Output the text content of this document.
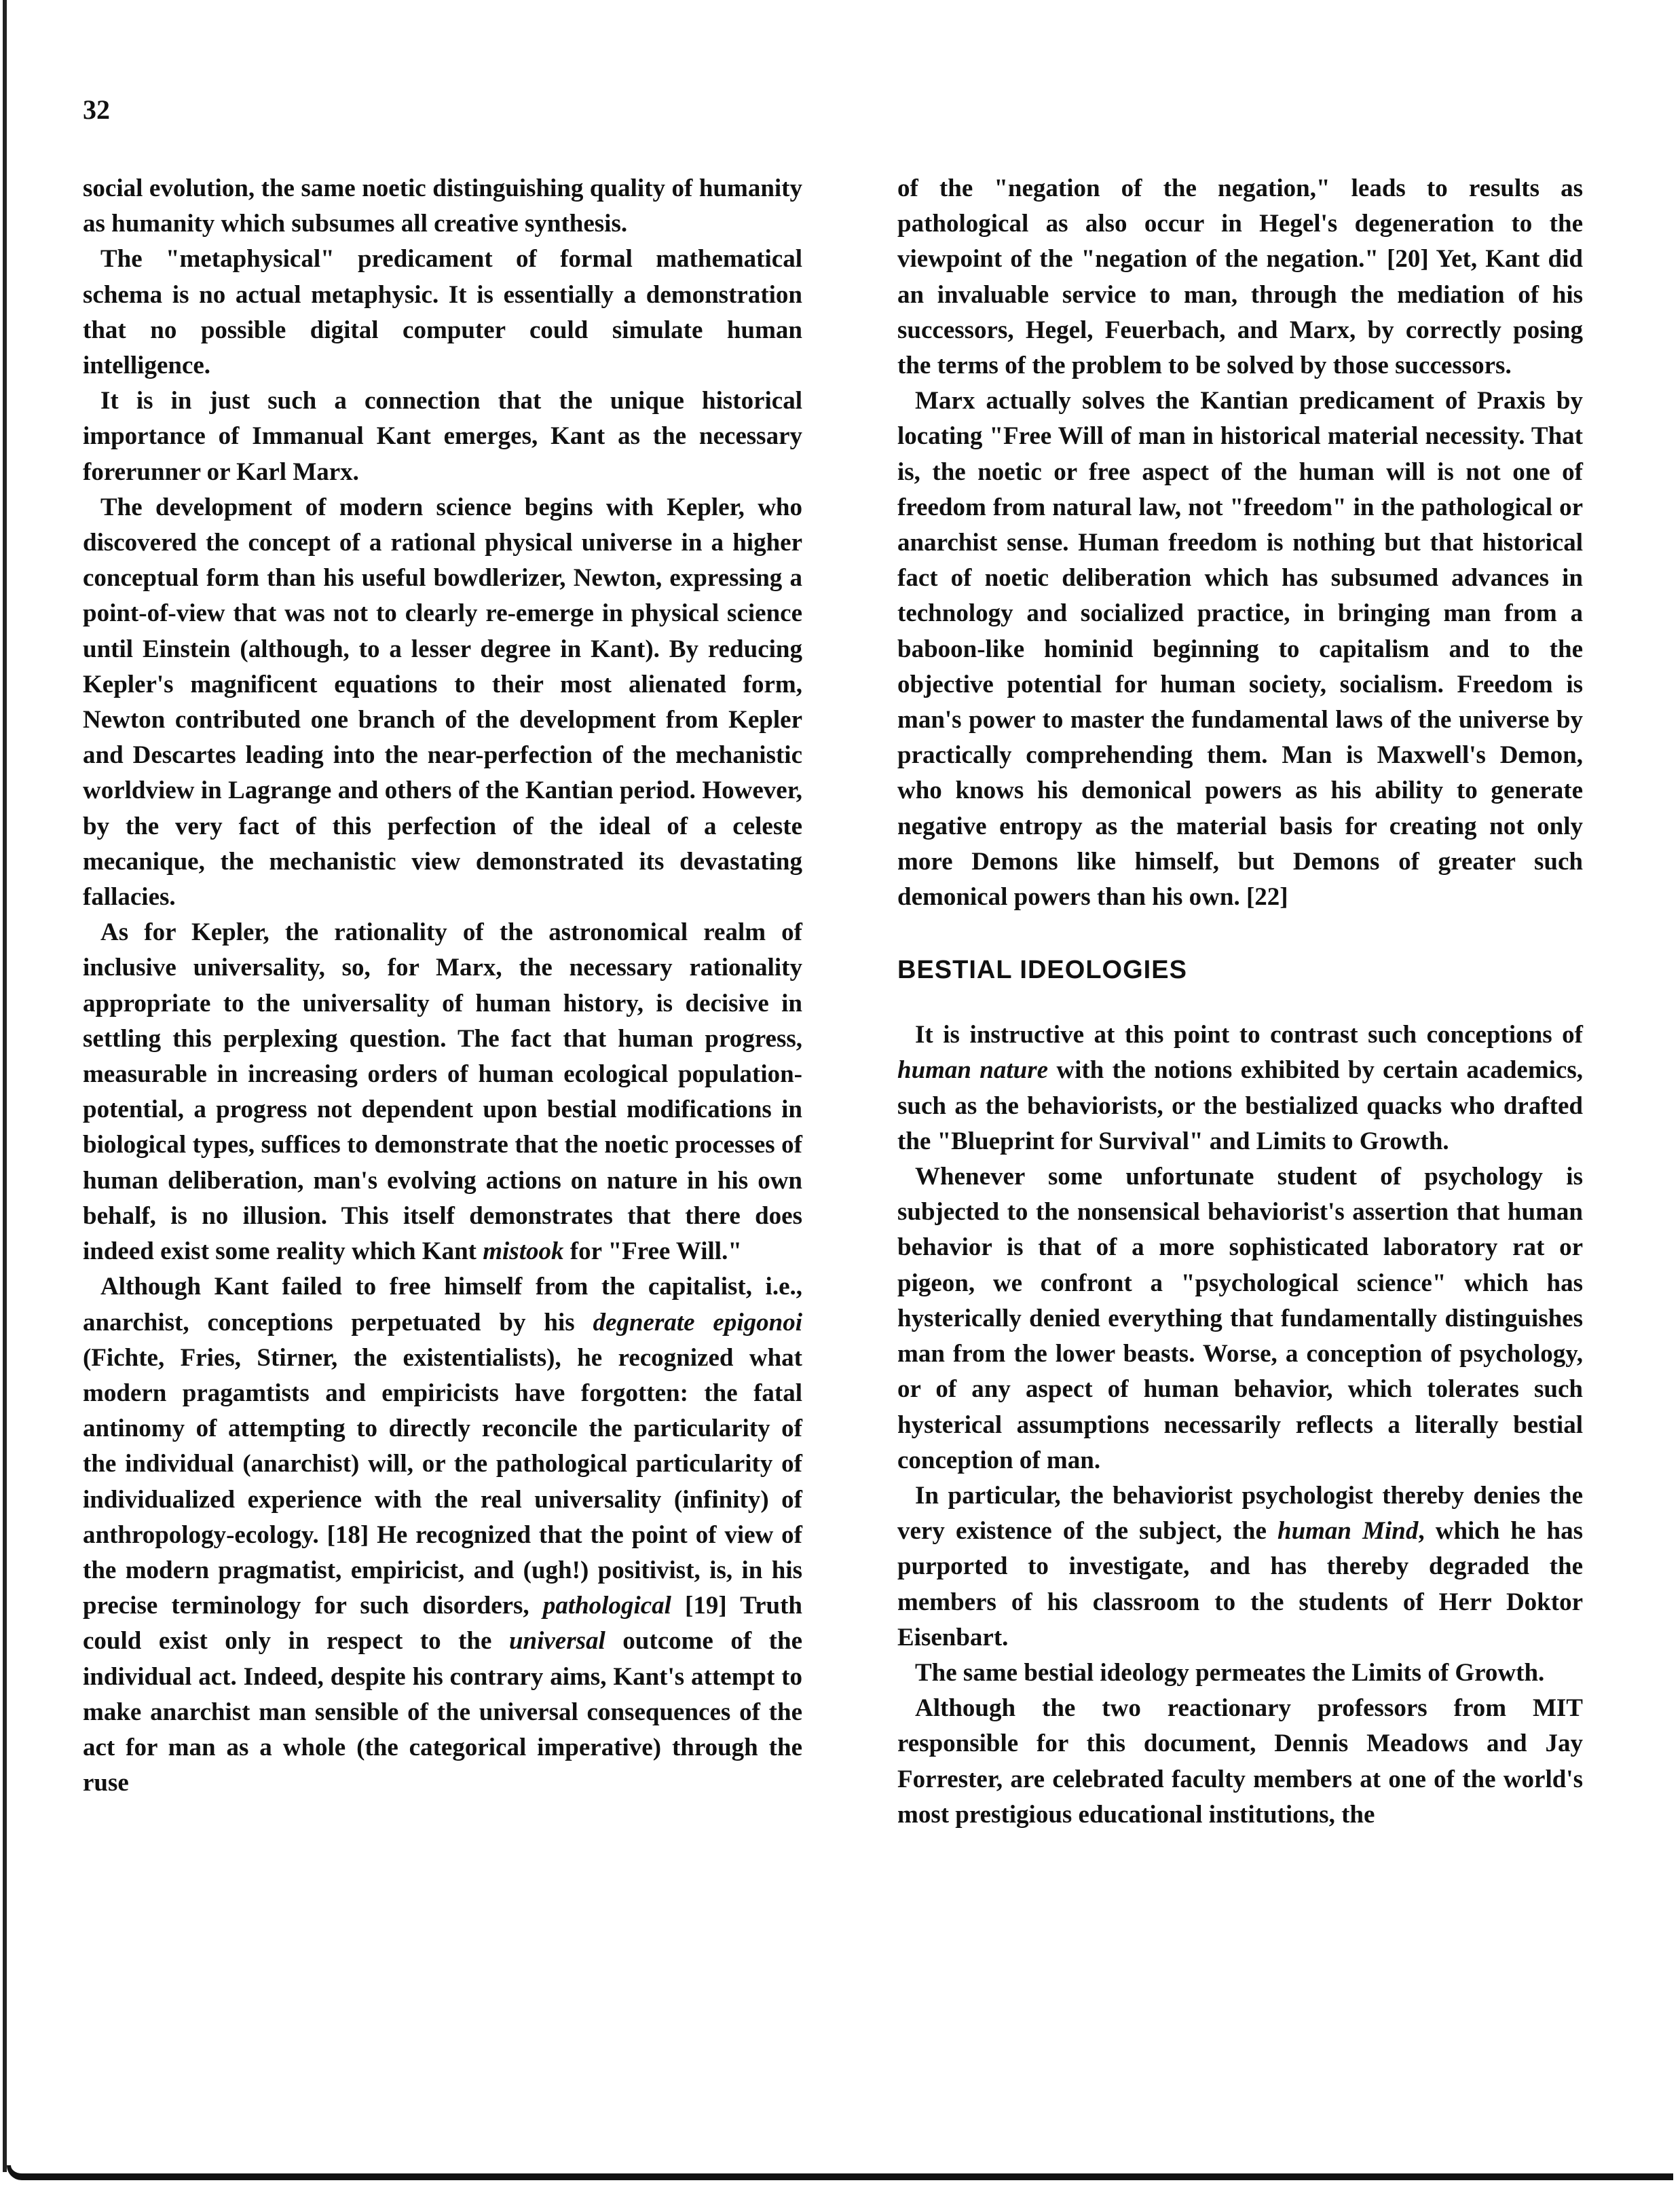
32

social evolution, the same noetic distinguishing quality of humanity as humanity which subsumes all creative synthesis.

The "metaphysical" predicament of formal mathematical schema is no actual metaphysic. It is essentially a demonstration that no possible digital computer could simulate human intelligence.

It is in just such a connection that the unique historical importance of Immanual Kant emerges, Kant as the necessary forerunner or Karl Marx.

The development of modern science begins with Kepler, who discovered the concept of a rational physical universe in a higher conceptual form than his useful bowdlerizer, Newton, expressing a point-of-view that was not to clearly re-emerge in physical science until Einstein (although, to a lesser degree in Kant). By reducing Kepler's magnificent equations to their most alienated form, Newton contributed one branch of the development from Kepler and Descartes leading into the near-perfection of the mechanistic worldview in Lagrange and others of the Kantian period. However, by the very fact of this perfection of the ideal of a celeste mecanique, the mechanistic view demonstrated its devastating fallacies.

As for Kepler, the rationality of the astronomical realm of inclusive universality, so, for Marx, the necessary rationality appropriate to the universality of human history, is decisive in settling this perplexing question. The fact that human progress, measurable in increasing orders of human ecological population-potential, a progress not dependent upon bestial modifications in biological types, suffices to demonstrate that the noetic processes of human deliberation, man's evolving actions on nature in his own behalf, is no illusion. This itself demonstrates that there does indeed exist some reality which Kant mistook for "Free Will."

Although Kant failed to free himself from the capitalist, i.e., anarchist, conceptions perpetuated by his degnerate epigonoi (Fichte, Fries, Stirner, the existentialists), he recognized what modern pragamtists and empiricists have forgotten: the fatal antinomy of attempting to directly reconcile the particularity of the individual (anarchist) will, or the pathological particularity of individualized experience with the real universality (infinity) of anthropology-ecology. [18] He recognized that the point of view of the modern pragmatist, empiricist, and (ugh!) positivist, is, in his precise terminology for such disorders, pathological [19] Truth could exist only in respect to the universal outcome of the individual act. Indeed, despite his contrary aims, Kant's attempt to make anarchist man sensible of the universal consequences of the act for man as a whole (the categorical imperative) through the ruse

of the "negation of the negation," leads to results as pathological as also occur in Hegel's degeneration to the viewpoint of the "negation of the negation." [20] Yet, Kant did an invaluable service to man, through the mediation of his successors, Hegel, Feuerbach, and Marx, by correctly posing the terms of the problem to be solved by those successors.

Marx actually solves the Kantian predicament of Praxis by locating "Free Will of man in historical material necessity. That is, the noetic or free aspect of the human will is not one of freedom from natural law, not "freedom" in the pathological or anarchist sense. Human freedom is nothing but that historical fact of noetic deliberation which has subsumed advances in technology and socialized practice, in bringing man from a baboon-like hominid beginning to capitalism and to the objective potential for human society, socialism. Freedom is man's power to master the fundamental laws of the universe by practically comprehending them. Man is Maxwell's Demon, who knows his demonical powers as his ability to generate negative entropy as the material basis for creating not only more Demons like himself, but Demons of greater such demonical powers than his own. [22]

BESTIAL IDEOLOGIES

It is instructive at this point to contrast such conceptions of human nature with the notions exhibited by certain academics, such as the behaviorists, or the bestialized quacks who drafted the "Blueprint for Survival" and Limits to Growth.

Whenever some unfortunate student of psychology is subjected to the nonsensical behaviorist's assertion that human behavior is that of a more sophisticated laboratory rat or pigeon, we confront a "psychological science" which has hysterically denied everything that fundamentally distinguishes man from the lower beasts. Worse, a conception of psychology, or of any aspect of human behavior, which tolerates such hysterical assumptions necessarily reflects a literally bestial conception of man.

In particular, the behaviorist psychologist thereby denies the very existence of the subject, the human Mind, which he has purported to investigate, and has thereby degraded the members of his classroom to the students of Herr Doktor Eisenbart.

The same bestial ideology permeates the Limits of Growth.

Although the two reactionary professors from MIT responsible for this document, Dennis Meadows and Jay Forrester, are celebrated faculty members at one of the world's most prestigious educational institutions, the
